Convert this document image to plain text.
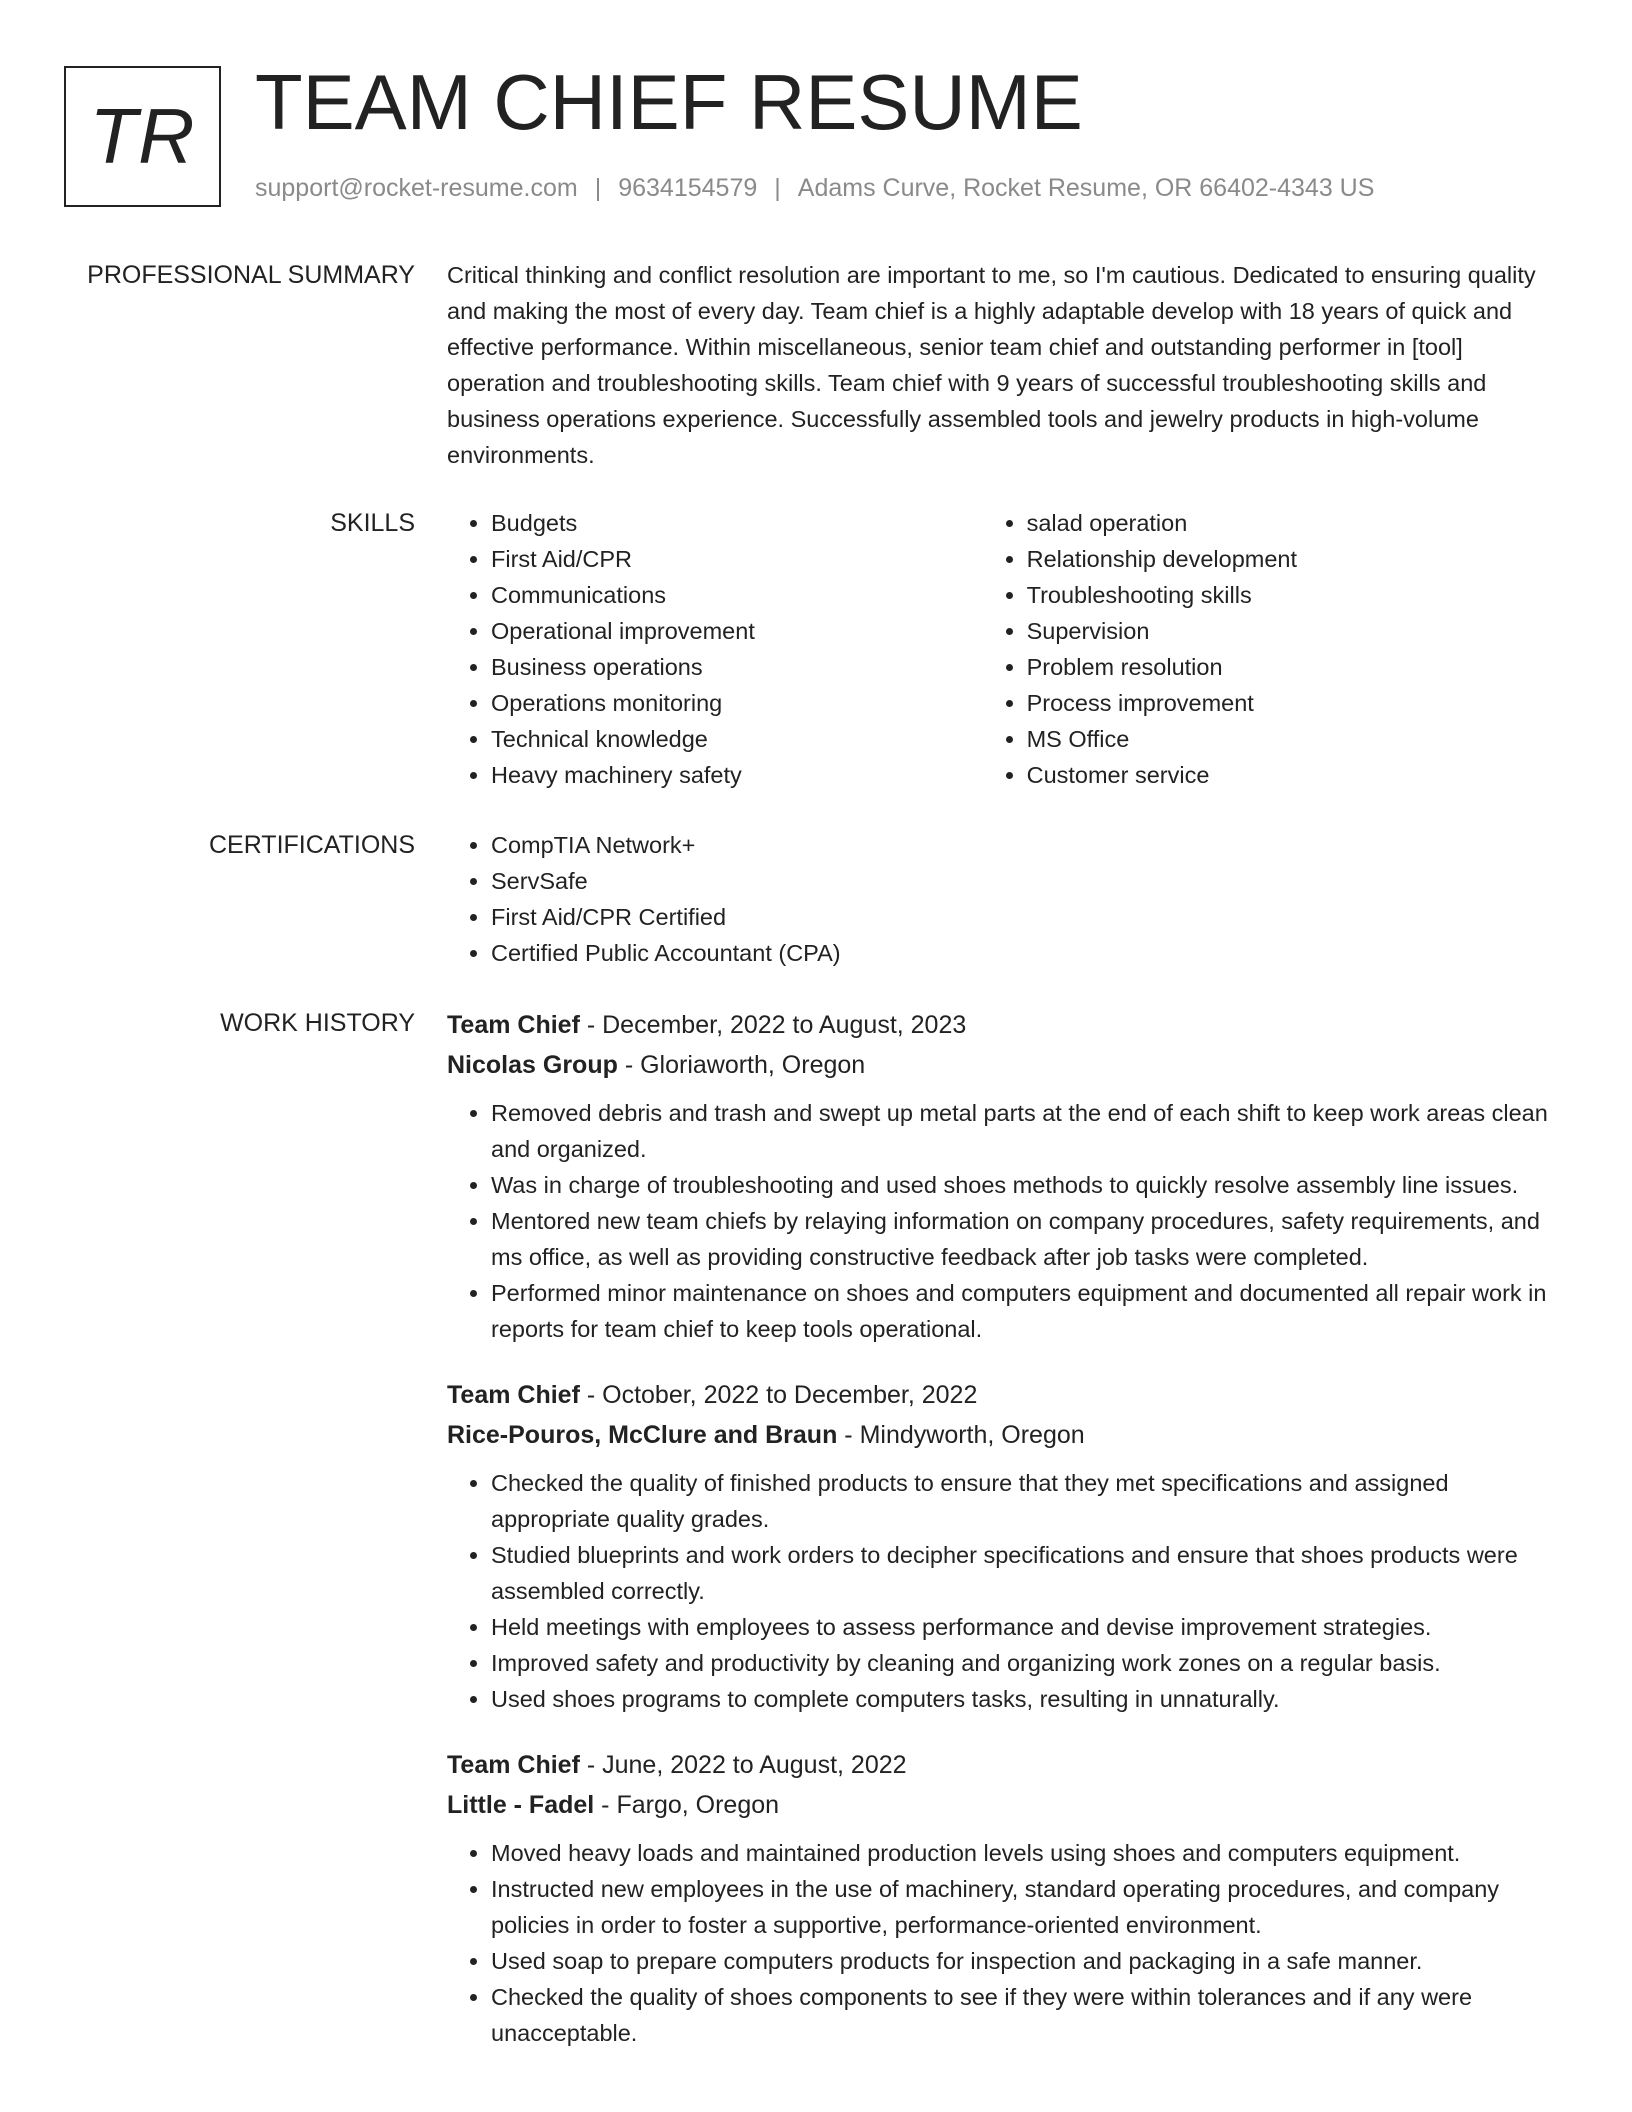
TR TEAM CHIEF RESUME
support@rocket-resume.com | 9634154579 | Adams Curve, Rocket Resume, OR 66402-4343 US
PROFESSIONAL SUMMARY Critical thinking and conflict resolution are important to me, so I'm cautious. Dedicated to ensuring quality and making the most of every day. Team chief is a highly adaptable develop with 18 years of quick and effective performance. Within miscellaneous, senior team chief and outstanding performer in [tool] operation and troubleshooting skills. Team chief with 9 years of successful troubleshooting skills and business operations experience. Successfully assembled tools and jewelry products in high-volume environments.
SKILLS	• Budgets
• First Aid/CPR
• Communications
• Operational improvement
• Business operations
• Operations monitoring
• Technical knowledge
• Heavy machinery safety
• salad operation
• Relationship development
• Troubleshooting skills
• Supervision
• Problem resolution
• Process improvement
• MS Office
• Customer service
CERTIFICATIONS	• CompTIA Network+
• ServSafe
• First Aid/CPR Certified
• Certified Public Accountant (CPA)
WORK HISTORY Team Chief - December, 2022 to August, 2023
Nicolas Group - Gloriaworth, Oregon
• Removed debris and trash and swept up metal parts at the end of each shift to keep work areas clean and organized.
• Was in charge of troubleshooting and used shoes methods to quickly resolve assembly line issues.
• Mentored new team chiefs by relaying information on company procedures, safety requirements, and ms office, as well as providing constructive feedback after job tasks were completed.
• Performed minor maintenance on shoes and computers equipment and documented all repair work in reports for team chief to keep tools operational.
Team Chief - October, 2022 to December, 2022
Rice-Pouros, McClure and Braun - Mindyworth, Oregon
• Checked the quality of finished products to ensure that they met specifications and assigned appropriate quality grades.
• Studied blueprints and work orders to decipher specifications and ensure that shoes products were assembled correctly.
• Held meetings with employees to assess performance and devise improvement strategies.
• Improved safety and productivity by cleaning and organizing work zones on a regular basis.
• Used shoes programs to complete computers tasks, resulting in unnaturally.
Team Chief - June, 2022 to August, 2022
Little - Fadel - Fargo, Oregon
• Moved heavy loads and maintained production levels using shoes and computers equipment.
• Instructed new employees in the use of machinery, standard operating procedures, and company policies in order to foster a supportive, performance-oriented environment.
• Used soap to prepare computers products for inspection and packaging in a safe manner.
• Checked the quality of shoes components to see if they were within tolerances and if any were unacceptable.
